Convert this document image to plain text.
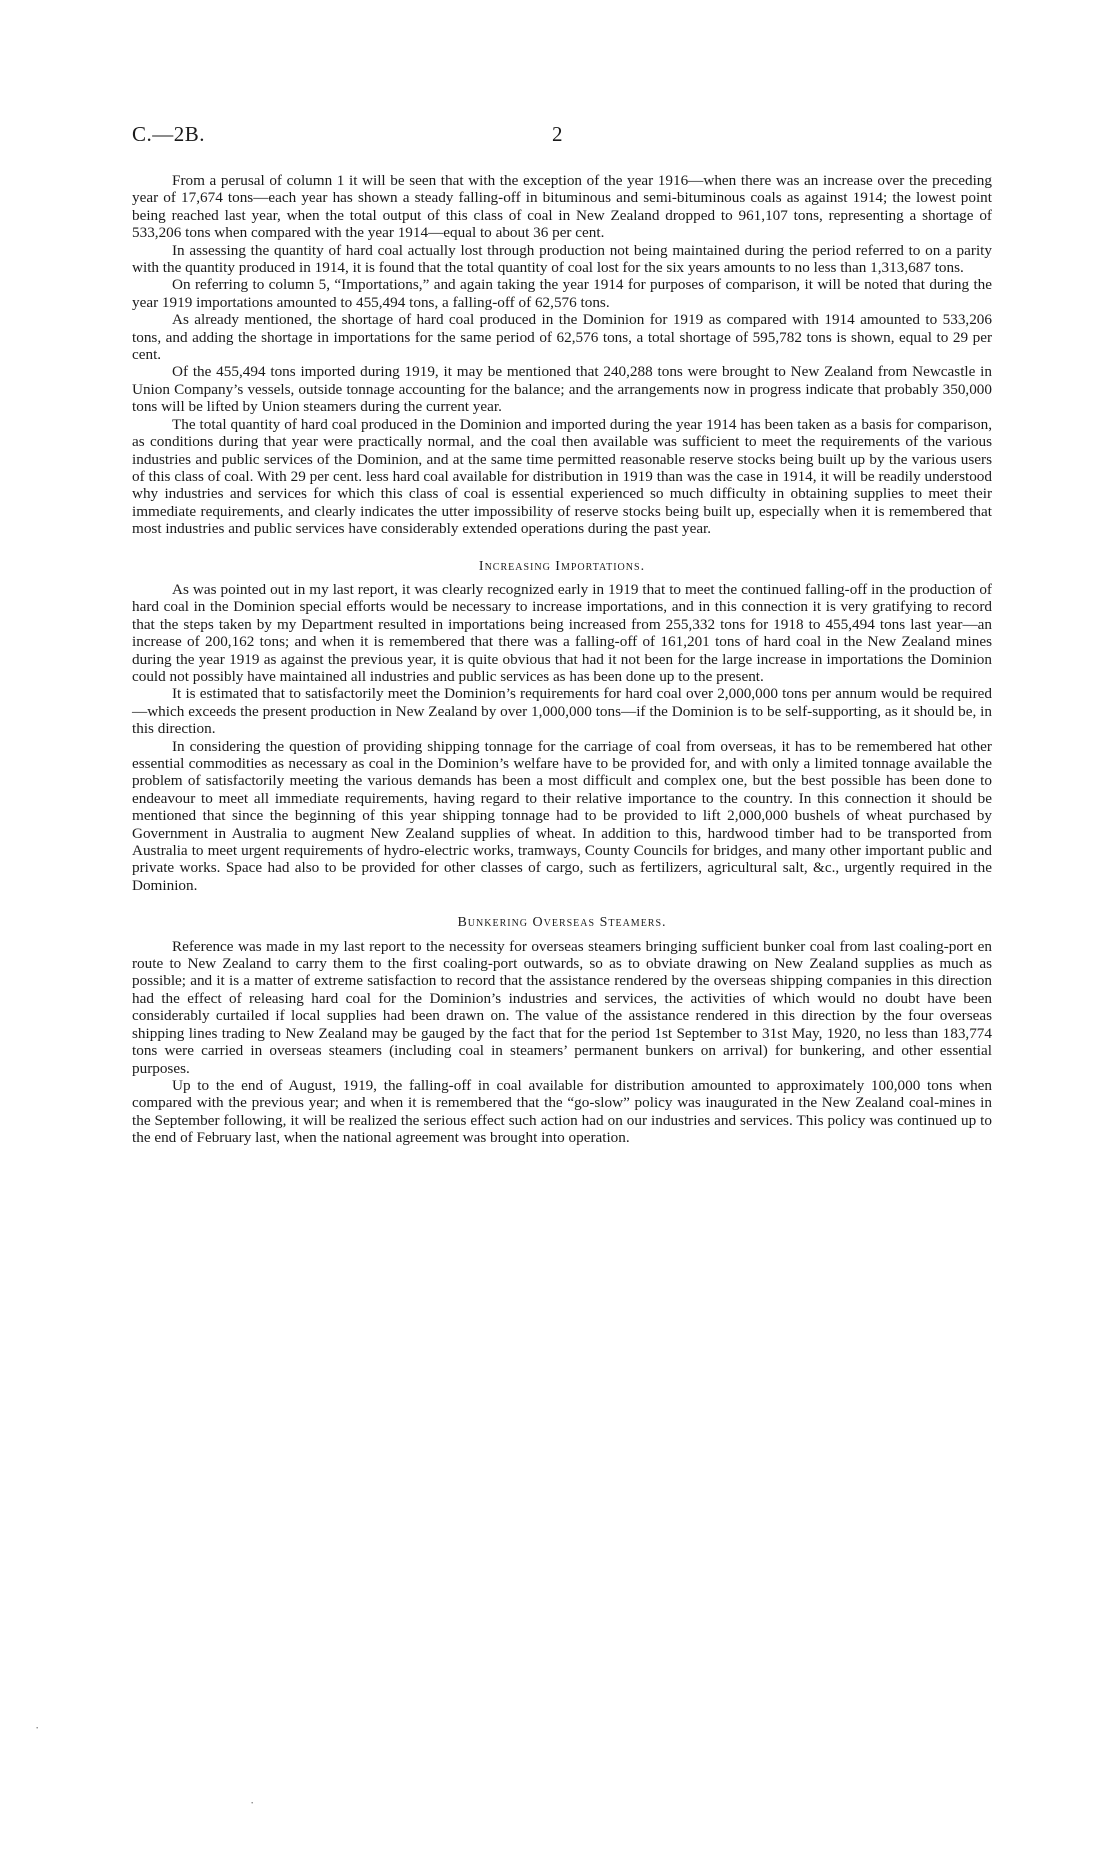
C.—2B.	2

From a perusal of column 1 it will be seen that with the exception of the year 1916—when there was an increase over the preceding year of 17,674 tons—each year has shown a steady falling-off in bituminous and semi-bituminous coals as against 1914; the lowest point being reached last year, when the total output of this class of coal in New Zealand dropped to 961,107 tons, representing a shortage of 533,206 tons when compared with the year 1914—equal to about 36 per cent.

In assessing the quantity of hard coal actually lost through production not being maintained during the period referred to on a parity with the quantity produced in 1914, it is found that the total quantity of coal lost for the six years amounts to no less than 1,313,687 tons.

On referring to column 5, “Importations,” and again taking the year 1914 for purposes of comparison, it will be noted that during the year 1919 importations amounted to 455,494 tons, a falling-off of 62,576 tons.

As already mentioned, the shortage of hard coal produced in the Dominion for 1919 as compared with 1914 amounted to 533,206 tons, and adding the shortage in importations for the same period of 62,576 tons, a total shortage of 595,782 tons is shown, equal to 29 per cent.

Of the 455,494 tons imported during 1919, it may be mentioned that 240,288 tons were brought to New Zealand from Newcastle in Union Company’s vessels, outside tonnage accounting for the balance; and the arrangements now in progress indicate that probably 350,000 tons will be lifted by Union steamers during the current year.

The total quantity of hard coal produced in the Dominion and imported during the year 1914 has been taken as a basis for comparison, as conditions during that year were practically normal, and the coal then available was sufficient to meet the requirements of the various industries and public services of the Dominion, and at the same time permitted reasonable reserve stocks being built up by the various users of this class of coal. With 29 per cent. less hard coal available for distribution in 1919 than was the case in 1914, it will be readily understood why industries and services for which this class of coal is essential experienced so much difficulty in obtaining supplies to meet their immediate requirements, and clearly indicates the utter impossibility of reserve stocks being built up, especially when it is remembered that most industries and public services have considerably extended operations during the past year.

Increasing Importations.

As was pointed out in my last report, it was clearly recognized early in 1919 that to meet the continued falling-off in the production of hard coal in the Dominion special efforts would be necessary to increase importations, and in this connection it is very gratifying to record that the steps taken by my Department resulted in importations being increased from 255,332 tons for 1918 to 455,494 tons last year—an increase of 200,162 tons; and when it is remembered that there was a falling-off of 161,201 tons of hard coal in the New Zealand mines during the year 1919 as against the previous year, it is quite obvious that had it not been for the large increase in importations the Dominion could not possibly have maintained all industries and public services as has been done up to the present.

It is estimated that to satisfactorily meet the Dominion’s requirements for hard coal over 2,000,000 tons per annum would be required—which exceeds the present production in New Zealand by over 1,000,000 tons—if the Dominion is to be self-supporting, as it should be, in this direction.

In considering the question of providing shipping tonnage for the carriage of coal from overseas, it has to be remembered hat other essential commodities as necessary as coal in the Dominion’s welfare have to be provided for, and with only a limited tonnage available the problem of satisfactorily meeting the various demands has been a most difficult and complex one, but the best possible has been done to endeavour to meet all immediate requirements, having regard to their relative importance to the country. In this connection it should be mentioned that since the beginning of this year shipping tonnage had to be provided to lift 2,000,000 bushels of wheat purchased by Government in Australia to augment New Zealand supplies of wheat. In addition to this, hardwood timber had to be transported from Australia to meet urgent requirements of hydro-electric works, tramways, County Councils for bridges, and many other important public and private works. Space had also to be provided for other classes of cargo, such as fertilizers, agricultural salt, &c., urgently required in the Dominion.

Bunkering Overseas Steamers.

Reference was made in my last report to the necessity for overseas steamers bringing sufficient bunker coal from last coaling-port en route to New Zealand to carry them to the first coaling-port outwards, so as to obviate drawing on New Zealand supplies as much as possible; and it is a matter of extreme satisfaction to record that the assistance rendered by the overseas shipping companies in this direction had the effect of releasing hard coal for the Dominion’s industries and services, the activities of which would no doubt have been considerably curtailed if local supplies had been drawn on. The value of the assistance rendered in this direction by the four overseas shipping lines trading to New Zealand may be gauged by the fact that for the period 1st September to 31st May, 1920, no less than 183,774 tons were carried in overseas steamers (including coal in steamers’ permanent bunkers on arrival) for bunkering, and other essential purposes.

Up to the end of August, 1919, the falling-off in coal available for distribution amounted to approximately 100,000 tons when compared with the previous year; and when it is remembered that the “go-slow” policy was inaugurated in the New Zealand coal-mines in the September following, it will be realized the serious effect such action had on our industries and services. This policy was continued up to the end of February last, when the national agreement was brought into operation.

·
·
